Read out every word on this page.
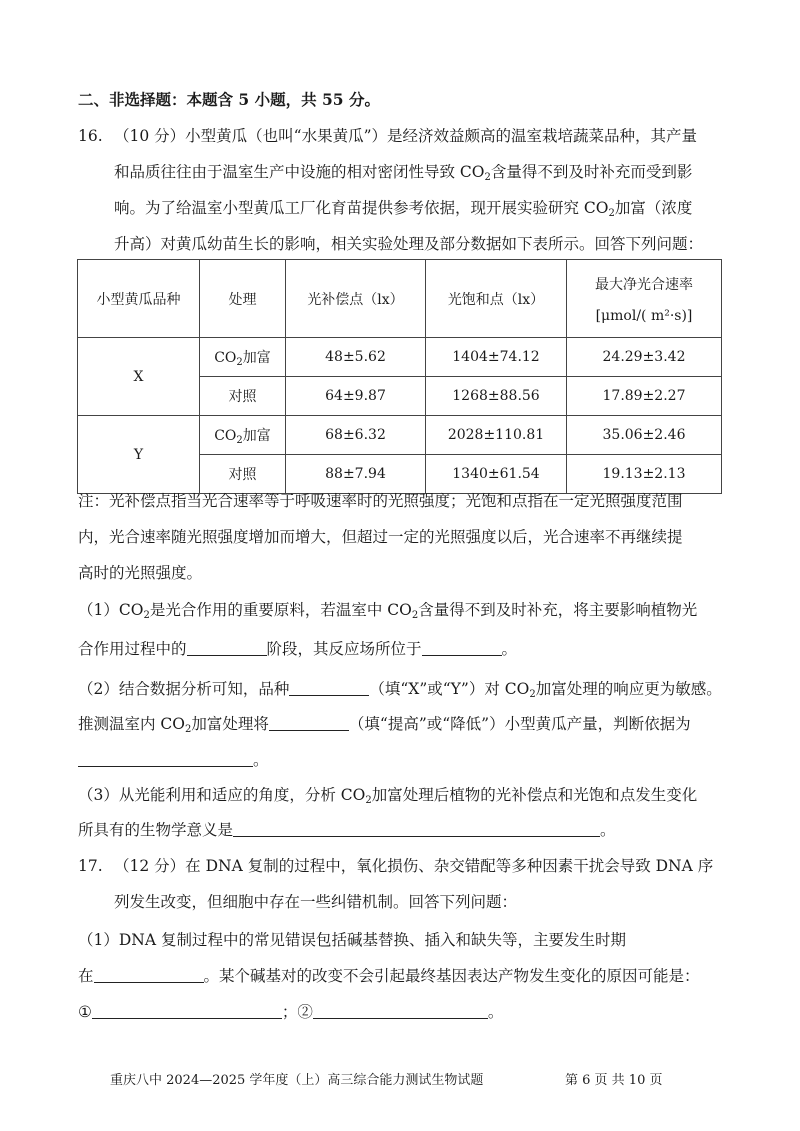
二、非选择题：本题含 5 小题，共 55 分。
16. （10 分）小型黄瓜（也叫“水果黄瓜”）是经济效益颇高的温室栽培蔬菜品种，其产量
和品质往往由于温室生产中设施的相对密闭性导致 $CO_2$含量得不到及时补充而受到影
响。为了给温室小型黄瓜工厂化育苗提供参考依据，现开展实验研究 $CO_2$加富（浓度
升高）对黄瓜幼苗生长的影响，相关实验处理及部分数据如下表所示。回答下列问题：
小型黄瓜品种	处理	光补偿点（lx）	光饱和点（lx）	最大净光合速率
[μmol/( m²·s)]

X	$CO_2$加富	48±5.62	1404±74.12	24.29±3.42
	对照	64±9.87	1268±88.56	17.89±2.27
Y	$CO_2$加富	68±6.32	2028±110.81	35.06±2.46
	对照	88±7.94	1340±61.54	19.13±2.13
注：光补偿点指当光合速率等于呼吸速率时的光照强度；光饱和点指在一定光照强度范围
内，光合速率随光照强度增加而增大，但超过一定的光照强度以后，光合速率不再继续提
高时的光照强度。
$(1)CO_2$是光合作用的重要原料，若温室中 $CO_2$含量得不到及时补充，将主要影响植物光
合作用过程中的	阶段，其反应场所位于	。
（2）结合数据分析可知，品种	（填“X”或“Y”）对 $CO_2$加富处理的响应更为敏感。
推测温室内 $CO_2$加富处理将	（填“提高”或“降低”）小型黄瓜产量，判断依据为
。
（3）从光能利用和适应的角度，分析 $CO_2$加富处理后植物的光补偿点和光饱和点发生变化
所具有的生物学意义是	。
17. （12 分）在 DNA 复制的过程中，氧化损伤、杂交错配等多种因素干扰会导致 DNA 序
列发生改变，但细胞中存在一些纠错机制。回答下列问题：
（1）DNA 复制过程中的常见错误包括碱基替换、插入和缺失等，主要发生时期
在	。某个碱基对的改变不会引起最终基因表达产物发生变化的原因可能是：
①	；②	。
重庆八中 2024—2025 学年度（上）高三综合能力测试生物试题	第 6 页 共 10 页
